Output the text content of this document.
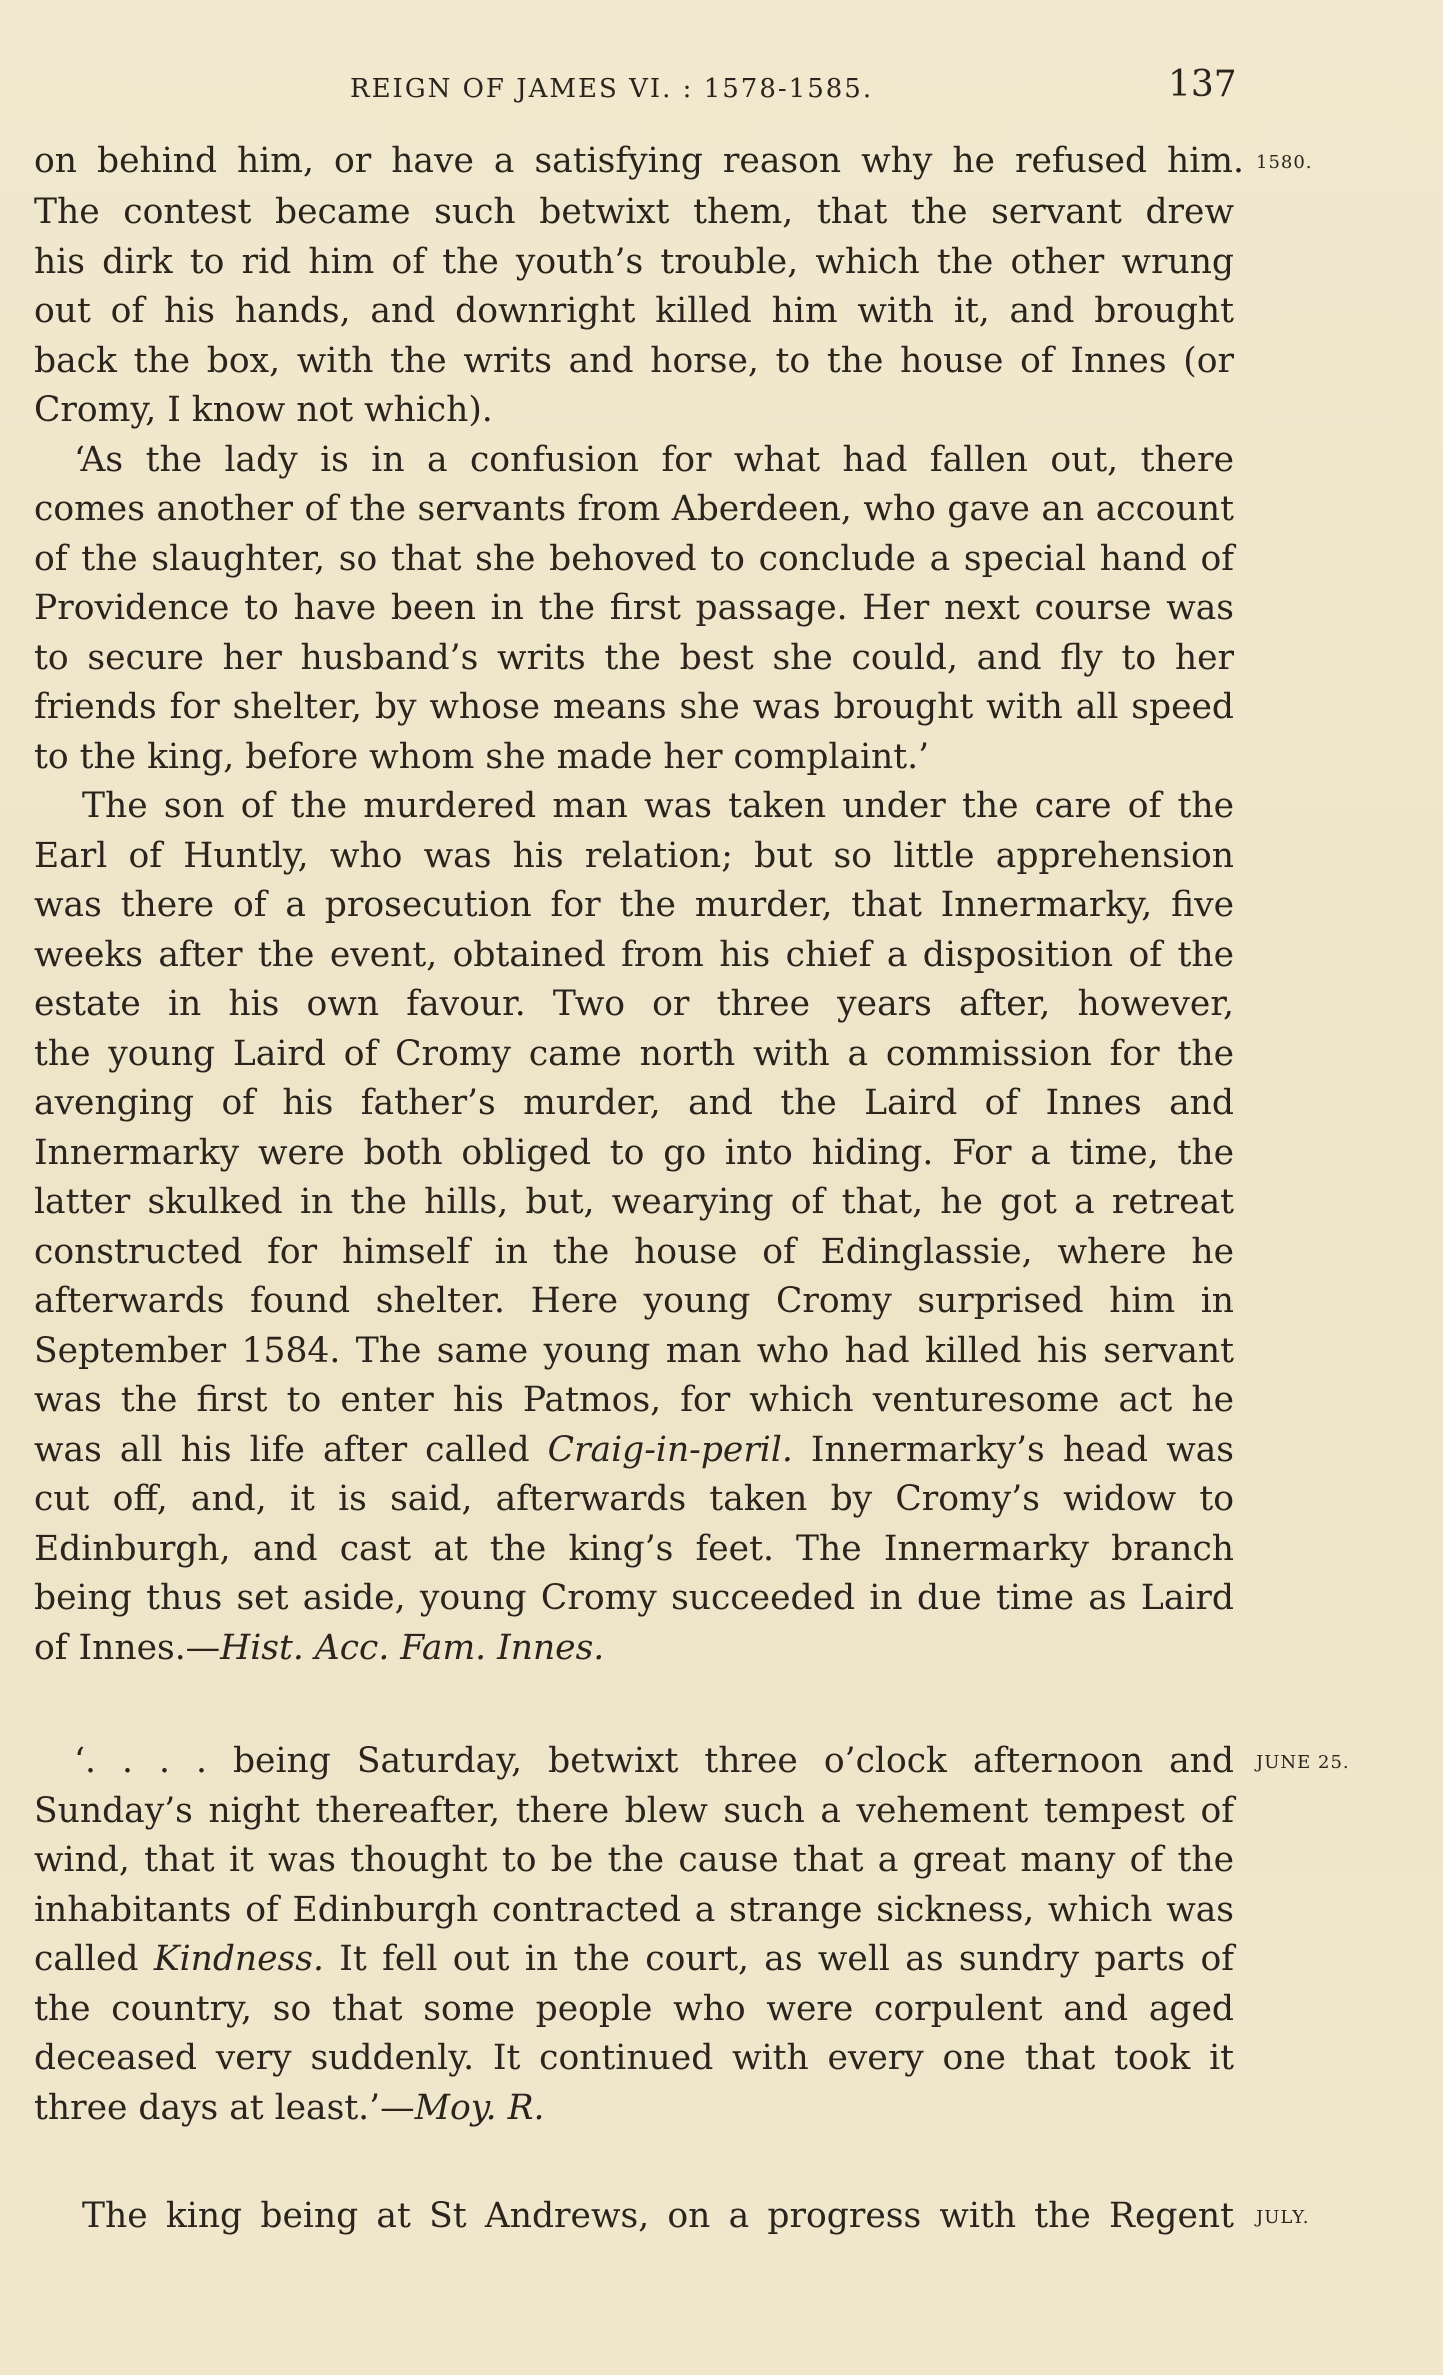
REIGN OF JAMES VI. : 1578-1585.	137
on behind him, or have a satisfying reason why he refused him. 1580.
The contest became such betwixt them, that the servant drew
his dirk to rid him of the youth’s trouble, which the other wrung
out of his hands, and downright killed him with it, and brought
back the box, with the writs and horse, to the house of Innes (or
Cromy, I know not which).
‘As the lady is in a confusion for what had fallen out, there
comes another of the servants from Aberdeen, who gave an account
of the slaughter, so that she behoved to conclude a special hand of
Providence to have been in the first passage. Her next course was
to secure her husband’s writs the best she could, and fly to her
friends for shelter, by whose means she was brought with all speed
to the king, before whom she made her complaint.’
The son of the murdered man was taken under the care of the
Earl of Huntly, who was his relation; but so little apprehension
was there of a prosecution for the murder, that Innermarky, five
weeks after the event, obtained from his chief a disposition of the
estate in his own favour. Two or three years after, however,
the young Laird of Cromy came north with a commission for the
avenging of his father’s murder, and the Laird of Innes and
Innermarky were both obliged to go into hiding. For a time, the
latter skulked in the hills, but, wearying of that, he got a retreat
constructed for himself in the house of Edinglassie, where he
afterwards found shelter. Here young Cromy surprised him in
September 1584. The same young man who had killed his servant
was the first to enter his Patmos, for which venturesome act he
was all his life after called Craig-in-peril. Innermarky’s head was
cut off, and, it is said, afterwards taken by Cromy’s widow to
Edinburgh, and cast at the king’s feet. The Innermarky branch
being thus set aside, young Cromy succeeded in due time as Laird
of Innes.—Hist. Acc. Fam. Innes.
‘. . . . being Saturday, betwixt three o’clock afternoon and JUNE 25.
Sunday’s night thereafter, there blew such a vehement tempest of
wind, that it was thought to be the cause that a great many of the
inhabitants of Edinburgh contracted a strange sickness, which was
called Kindness. It fell out in the court, as well as sundry parts of
the country, so that some people who were corpulent and aged
deceased very suddenly. It continued with every one that took it
three days at least.’—Moy. R.
The king being at St Andrews, on a progress with the Regent JULY.
